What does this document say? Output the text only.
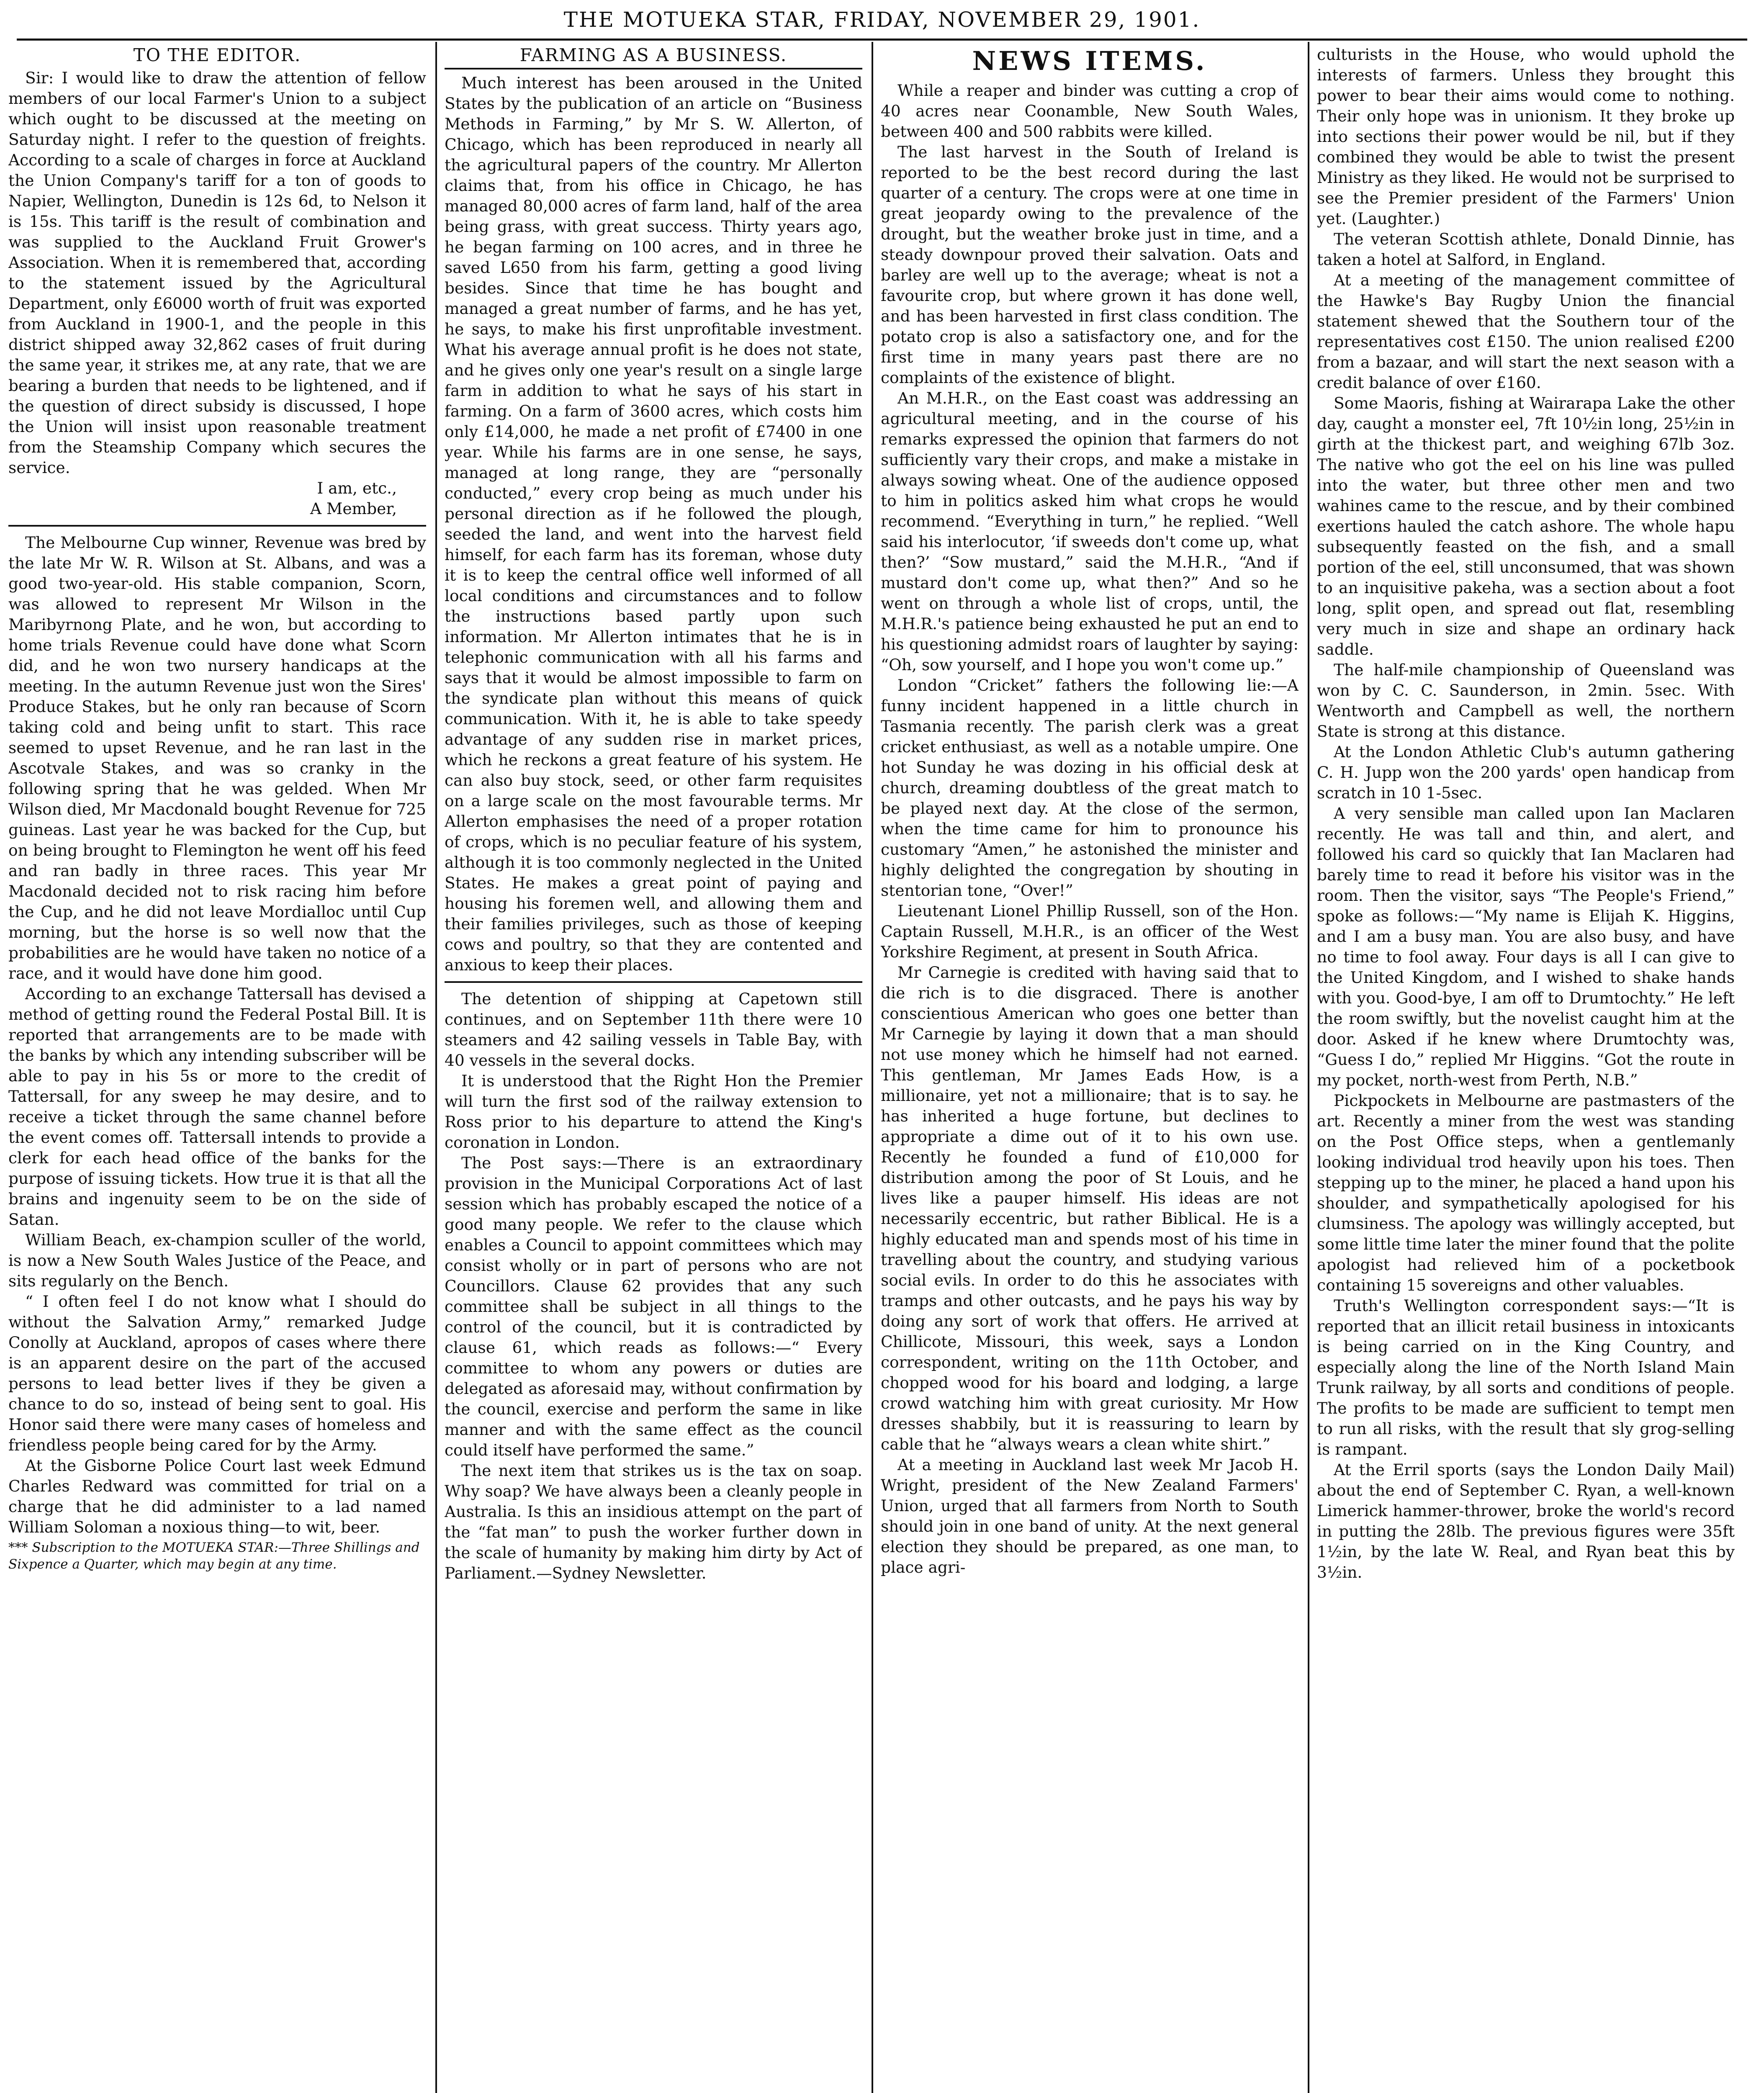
THE MOTUEKA STAR, FRIDAY, NOVEMBER 29, 1901.
TO THE EDITOR.

Sir: I would like to draw the attention of fellow members of our local Farmer's Union to a subject which ought to be discussed at the meeting on Saturday night. I refer to the question of freights. According to a scale of charges in force at Auckland the Union Company's tariff for a ton of goods to Napier, Wellington, Dunedin is 12s 6d, to Nelson it is 15s. This tariff is the result of combination and was supplied to the Auckland Fruit Grower's Association. When it is remembered that, according to the statement issued by the Agricultural Department, only £6000 worth of fruit was exported from Auckland in 1900-1, and the people in this district shipped away 32,862 cases of fruit during the same year, it strikes me, at any rate, that we are bearing a burden that needs to be lightened, and if the question of direct subsidy is discussed, I hope the Union will insist upon reasonable treatment from the Steamship Company which secures the service.

I am, etc.,
A Member,

The Melbourne Cup winner, Revenue was bred by the late Mr W. R. Wilson at St. Albans, and was a good two-year-old. His stable companion, Scorn, was allowed to represent Mr Wilson in the Maribyrnong Plate, and he won, but according to home trials Revenue could have done what Scorn did, and he won two nursery handicaps at the meeting. In the autumn Revenue just won the Sires' Produce Stakes, but he only ran because of Scorn taking cold and being unfit to start. This race seemed to upset Revenue, and he ran last in the Ascotvale Stakes, and was so cranky in the following spring that he was gelded. When Mr Wilson died, Mr Macdonald bought Revenue for 725 guineas. Last year he was backed for the Cup, but on being brought to Flemington he went off his feed and ran badly in three races. This year Mr Macdonald decided not to risk racing him before the Cup, and he did not leave Mordialloc until Cup morning, but the horse is so well now that the probabilities are he would have taken no notice of a race, and it would have done him good.

According to an exchange Tattersall has devised a method of getting round the Federal Postal Bill. It is reported that arrangements are to be made with the banks by which any intending subscriber will be able to pay in his 5s or more to the credit of Tattersall, for any sweep he may desire, and to receive a ticket through the same channel before the event comes off. Tattersall intends to provide a clerk for each head office of the banks for the purpose of issuing tickets. How true it is that all the brains and ingenuity seem to be on the side of Satan.

William Beach, ex-champion sculler of the world, is now a New South Wales Justice of the Peace, and sits regularly on the Bench.

“ I often feel I do not know what I should do without the Salvation Army,” remarked Judge Conolly at Auckland, apropos of cases where there is an apparent desire on the part of the accused persons to lead better lives if they be given a chance to do so, instead of being sent to goal. His Honor said there were many cases of homeless and friendless people being cared for by the Army.

At the Gisborne Police Court last week Edmund Charles Redward was committed for trial on a charge that he did administer to a lad named William Soloman a noxious thing—to wit, beer.

*** Subscription to the MOTUEKA STAR:—Three Shillings and Sixpence a Quarter, which may begin at any time.
FARMING AS A BUSINESS.

Much interest has been aroused in the United States by the publication of an article on “Business Methods in Farming,” by Mr S. W. Allerton, of Chicago, which has been reproduced in nearly all the agricultural papers of the country. Mr Allerton claims that, from his office in Chicago, he has managed 80,000 acres of farm land, half of the area being grass, with great success. Thirty years ago, he began farming on 100 acres, and in three he saved L650 from his farm, getting a good living besides. Since that time he has bought and managed a great number of farms, and he has yet, he says, to make his first unprofitable investment. What his average annual profit is he does not state, and he gives only one year's result on a single large farm in addition to what he says of his start in farming. On a farm of 3600 acres, which costs him only £14,000, he made a net profit of £7400 in one year. While his farms are in one sense, he says, managed at long range, they are “personally conducted,” every crop being as much under his personal direction as if he followed the plough, seeded the land, and went into the harvest field himself, for each farm has its foreman, whose duty it is to keep the central office well informed of all local conditions and circumstances and to follow the instructions based partly upon such information. Mr Allerton intimates that he is in telephonic communication with all his farms and says that it would be almost impossible to farm on the syndicate plan without this means of quick communication. With it, he is able to take speedy advantage of any sudden rise in market prices, which he reckons a great feature of his system. He can also buy stock, seed, or other farm requisites on a large scale on the most favourable terms. Mr Allerton emphasises the need of a proper rotation of crops, which is no peculiar feature of his system, although it is too commonly neglected in the United States. He makes a great point of paying and housing his foremen well, and allowing them and their families privileges, such as those of keeping cows and poultry, so that they are contented and anxious to keep their places.

The detention of shipping at Capetown still continues, and on September 11th there were 10 steamers and 42 sailing vessels in Table Bay, with 40 vessels in the several docks.

It is understood that the Right Hon the Premier will turn the first sod of the railway extension to Ross prior to his departure to attend the King's coronation in London.

The Post says:—There is an extraordinary provision in the Municipal Corporations Act of last session which has probably escaped the notice of a good many people. We refer to the clause which enables a Council to appoint committees which may consist wholly or in part of persons who are not Councillors. Clause 62 provides that any such committee shall be subject in all things to the control of the council, but it is contradicted by clause 61, which reads as follows:—“ Every committee to whom any powers or duties are delegated as aforesaid may, without confirmation by the council, exercise and perform the same in like manner and with the same effect as the council could itself have performed the same.”

The next item that strikes us is the tax on soap. Why soap? We have always been a cleanly people in Australia. Is this an insidious attempt on the part of the “fat man” to push the worker further down in the scale of humanity by making him dirty by Act of Parliament.—Sydney Newsletter.

NEWS ITEMS.

While a reaper and binder was cutting a crop of 40 acres near Coonamble, New South Wales, between 400 and 500 rabbits were killed.

The last harvest in the South of Ireland is reported to be the best record during the last quarter of a century. The crops were at one time in great jeopardy owing to the prevalence of the drought, but the weather broke just in time, and a steady downpour proved their salvation. Oats and barley are well up to the average; wheat is not a favourite crop, but where grown it has done well, and has been harvested in first class condition. The potato crop is also a satisfactory one, and for the first time in many years past there are no complaints of the existence of blight.

An M.H.R., on the East coast was addressing an agricultural meeting, and in the course of his remarks expressed the opinion that farmers do not sufficiently vary their crops, and make a mistake in always sowing wheat. One of the audience opposed to him in politics asked him what crops he would recommend. “Everything in turn,” he replied. “Well said his interlocutor, ‘if sweeds don't come up, what then?’ “Sow mustard,” said the M.H.R., “And if mustard don't come up, what then?” And so he went on through a whole list of crops, until, the M.H.R.'s patience being exhausted he put an end to his questioning admidst roars of laughter by saying: “Oh, sow yourself, and I hope you won't come up.”

London “Cricket” fathers the following lie:—A funny incident happened in a little church in Tasmania recently. The parish clerk was a great cricket enthusiast, as well as a notable umpire. One hot Sunday he was dozing in his official desk at church, dreaming doubtless of the great match to be played next day. At the close of the sermon, when the time came for him to pronounce his customary “Amen,” he astonished the minister and highly delighted the congregation by shouting in stentorian tone, “Over!”

Lieutenant Lionel Phillip Russell, son of the Hon. Captain Russell, M.H.R., is an officer of the West Yorkshire Regiment, at present in South Africa.

Mr Carnegie is credited with having said that to die rich is to die disgraced. There is another conscientious American who goes one better than Mr Carnegie by laying it down that a man should not use money which he himself had not earned. This gentleman, Mr James Eads How, is a millionaire, yet not a millionaire; that is to say. he has inherited a huge fortune, but declines to appropriate a dime out of it to his own use. Recently he founded a fund of £10,000 for distribution among the poor of St Louis, and he lives like a pauper himself. His ideas are not necessarily eccentric, but rather Biblical. He is a highly educated man and spends most of his time in travelling about the country, and studying various social evils. In order to do this he associates with tramps and other outcasts, and he pays his way by doing any sort of work that offers. He arrived at Chillicote, Missouri, this week, says a London correspondent, writing on the 11th October, and chopped wood for his board and lodging, a large crowd watching him with great curiosity. Mr How dresses shabbily, but it is reassuring to learn by cable that he “always wears a clean white shirt.”

At a meeting in Auckland last week Mr Jacob H. Wright, president of the New Zealand Farmers' Union, urged that all farmers from North to South should join in one band of unity. At the next general election they should be prepared, as one man, to place agri-

culturists in the House, who would uphold the interests of farmers. Unless they brought this power to bear their aims would come to nothing. Their only hope was in unionism. It they broke up into sections their power would be nil, but if they combined they would be able to twist the present Ministry as they liked. He would not be surprised to see the Premier president of the Farmers' Union yet. (Laughter.)

The veteran Scottish athlete, Donald Dinnie, has taken a hotel at Salford, in England.

At a meeting of the management committee of the Hawke's Bay Rugby Union the financial statement shewed that the Southern tour of the representatives cost £150. The union realised £200 from a bazaar, and will start the next season with a credit balance of over £160.

Some Maoris, fishing at Wairarapa Lake the other day, caught a monster eel, 7ft 10½in long, 25½in in girth at the thickest part, and weighing 67lb 3oz. The native who got the eel on his line was pulled into the water, but three other men and two wahines came to the rescue, and by their combined exertions hauled the catch ashore. The whole hapu subsequently feasted on the fish, and a small portion of the eel, still unconsumed, that was shown to an inquisitive pakeha, was a section about a foot long, split open, and spread out flat, resembling very much in size and shape an ordinary hack saddle.

The half-mile championship of Queensland was won by C. C. Saunderson, in 2min. 5sec. With Wentworth and Campbell as well, the northern State is strong at this distance.

At the London Athletic Club's autumn gathering C. H. Jupp won the 200 yards' open handicap from scratch in 10 1-5sec.

A very sensible man called upon Ian Maclaren recently. He was tall and thin, and alert, and followed his card so quickly that Ian Maclaren had barely time to read it before his visitor was in the room. Then the visitor, says “The People's Friend,” spoke as follows:—“My name is Elijah K. Higgins, and I am a busy man. You are also busy, and have no time to fool away. Four days is all I can give to the United Kingdom, and I wished to shake hands with you. Good-bye, I am off to Drumtochty.” He left the room swiftly, but the novelist caught him at the door. Asked if he knew where Drumtochty was, “Guess I do,” replied Mr Higgins. “Got the route in my pocket, north-west from Perth, N.B.”

Pickpockets in Melbourne are pastmasters of the art. Recently a miner from the west was standing on the Post Office steps, when a gentlemanly looking individual trod heavily upon his toes. Then stepping up to the miner, he placed a hand upon his shoulder, and sympathetically apologised for his clumsiness. The apology was willingly accepted, but some little time later the miner found that the polite apologist had relieved him of a pocketbook containing 15 sovereigns and other valuables.

Truth's Wellington correspondent says:—“It is reported that an illicit retail business in intoxicants is being carried on in the King Country, and especially along the line of the North Island Main Trunk railway, by all sorts and conditions of people. The profits to be made are sufficient to tempt men to run all risks, with the result that sly grog-selling is rampant.

At the Erril sports (says the London Daily Mail) about the end of September C. Ryan, a well-known Limerick hammer-thrower, broke the world's record in putting the 28lb. The previous figures were 35ft 1½in, by the late W. Real, and Ryan beat this by 3½in.
